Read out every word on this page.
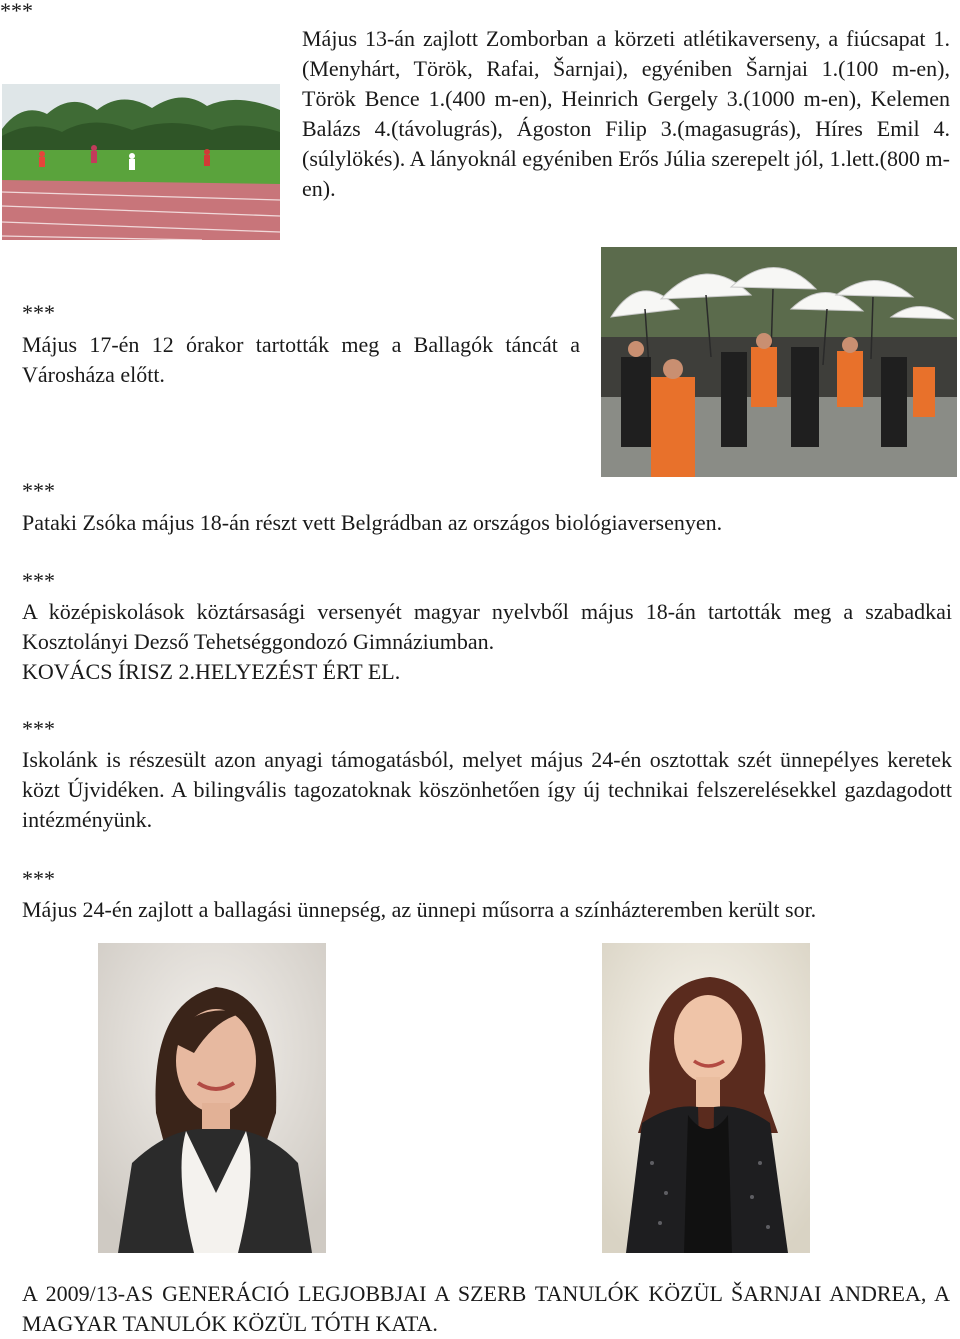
***

Május 13-án zajlott Zomborban a körzeti atlétikaverseny, a fiúcsapat 1. (Menyhárt, Török, Rafai, Šarnjai), egyéniben Šarnjai 1.(100 m-en), Török Bence 1.(400 m-en), Heinrich Gergely 3.(1000 m-en), Kelemen Balázs 4.(távolugrás), Ágoston Filip 3.(magasugrás), Híres Emil 4.(súlylökés). A lányoknál egyéniben Erős Júlia szerepelt jól, 1.lett.(800 m-en).

***

Május 17-én 12 órakor tartották meg a Ballagók táncát a Városháza előtt.

***

Pataki Zsóka május 18-án részt vett Belgrádban az országos biológiaversenyen.

***

A középiskolások köztársasági versenyét magyar nyelvből május 18-án tartották meg a szabadkai Kosztolányi Dezső Tehetséggondozó Gimnáziumban.

KOVÁCS ÍRISZ 2.HELYEZÉST ÉRT EL.

***

Iskolánk is részesült azon anyagi támogatásból, melyet május 24-én osztottak szét ünnepélyes keretek közt Újvidéken. A bilingvális tagozatoknak köszönhetően így új technikai felszerelésekkel gazdagodott intézményünk.

***

Május 24-én zajlott a ballagási ünnepség, az ünnepi műsorra a színházteremben került sor.

A 2009/13-AS GENERÁCIÓ LEGJOBBJAI A SZERB TANULÓK KÖZÜL ŠARNJAI ANDREA, A MAGYAR TANULÓK KÖZÜL TÓTH KATA.
